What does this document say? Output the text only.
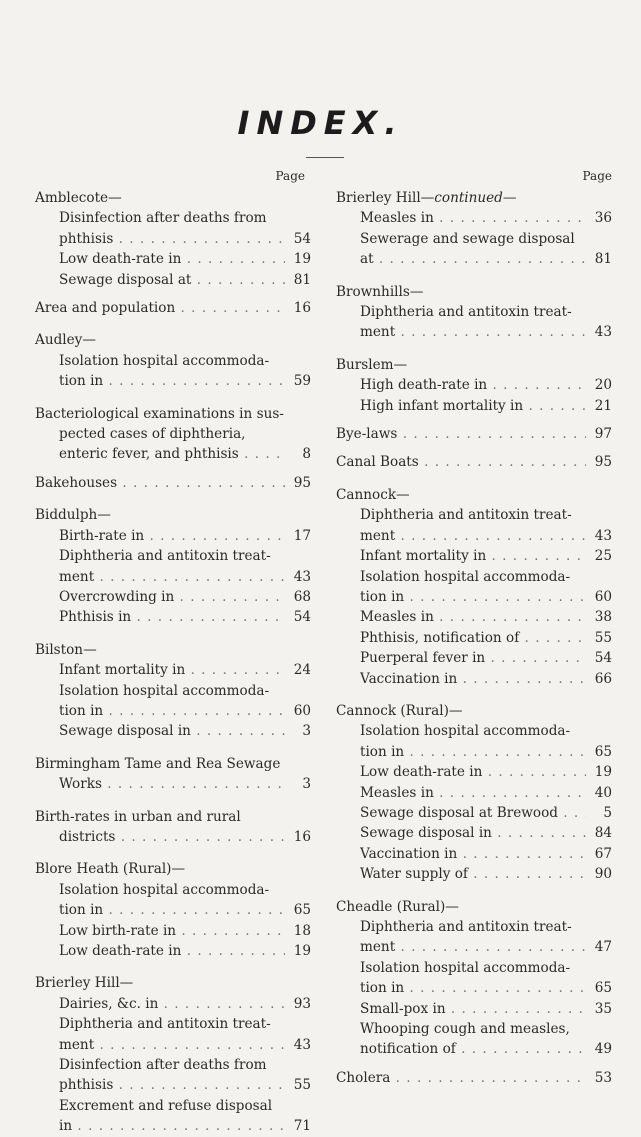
INDEX.
Page
Amblecote—
Disinfection after deaths from
phthisis . . .	54
Low death-rate in . . .	19
Sewage disposal at . . .	81
Area and population . . .	16
Audley—
Isolation hospital accommoda-
tion in . . .	59
Bacteriological examinations in sus-
pected cases of diphtheria,
enteric fever, and phthisis . . .	8
Bakehouses . . .	95
Biddulph—
Birth-rate in . . .	17
Diphtheria and antitoxin treat-
ment . . .	43
Overcrowding in . . .	68
Phthisis in . . .	54
Bilston—
Infant mortality in . . .	24
Isolation hospital accommoda-
tion in . . .	60
Sewage disposal in . . .	3
Birmingham Tame and Rea Sewage
Works . . .	3
Birth-rates in urban and rural
districts . . .	16
Blore Heath (Rural)—
Isolation hospital accommoda-
tion in . . .	65
Low birth-rate in . . .	18
Low death-rate in . . .	19
Brierley Hill—
Dairies, &c. in . . .	93
Diphtheria and antitoxin treat-
ment . . .	43
Disinfection after deaths from
phthisis . . .	55
Excrement and refuse disposal
in . . .	71
Page
Brierley Hill—continued—
Measles in . . .	36
Sewerage and sewage disposal
at . . .	81
Brownhills—
Diphtheria and antitoxin treat-
ment . . .	43
Burslem—
High death-rate in . . .	20
High infant mortality in . . .	21
Bye-laws . . .	97
Canal Boats . . .	95
Cannock—
Diphtheria and antitoxin treat-
ment . . .	43
Infant mortality in . . .	25
Isolation hospital accommoda-
tion in . . .	60
Measles in . . .	38
Phthisis, notification of . . .	55
Puerperal fever in . . .	54
Vaccination in . . .	66
Cannock (Rural)—
Isolation hospital accommoda-
tion in . . .	65
Low death-rate in . . .	19
Measles in . . .	40
Sewage disposal at Brewood . . .	5
Sewage disposal in . . .	84
Vaccination in . . .	67
Water supply of . . .	90
Cheadle (Rural)—
Diphtheria and antitoxin treat-
ment . . .	47
Isolation hospital accommoda-
tion in . . .	65
Small-pox in . . .	35
Whooping cough and measles,
notification of . . .	49
Cholera . . .	53
